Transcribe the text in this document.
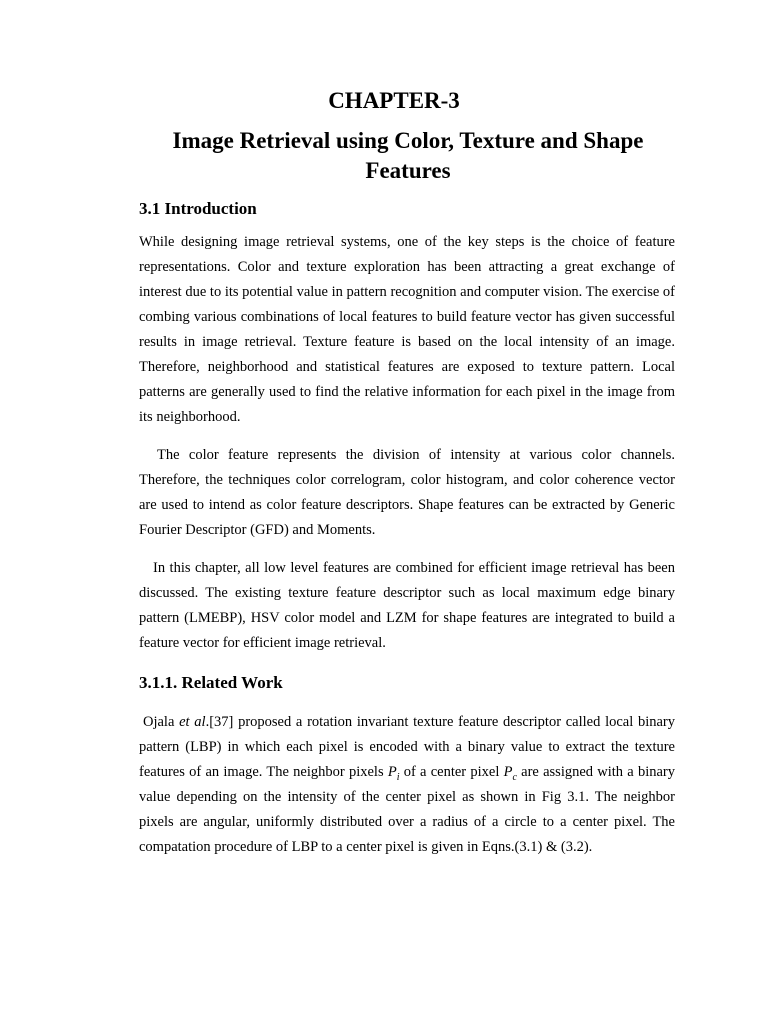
CHAPTER-3
Image Retrieval using Color, Texture and Shape Features
3.1 Introduction

While designing image retrieval systems, one of the key steps is the choice of feature representations. Color and texture exploration has been attracting a great exchange of interest due to its potential value in pattern recognition and computer vision. The exercise of combing various combinations of local features to build feature vector has given successful results in image retrieval. Texture feature is based on the local intensity of an image. Therefore, neighborhood and statistical features are exposed to texture pattern. Local patterns are generally used to find the relative information for each pixel in the image from its neighborhood.

The color feature represents the division of intensity at various color channels. Therefore, the techniques color correlogram, color histogram, and color coherence vector are used to intend as color feature descriptors. Shape features can be extracted by Generic Fourier Descriptor (GFD) and Moments.

In this chapter, all low level features are combined for efficient image retrieval has been discussed. The existing texture feature descriptor such as local maximum edge binary pattern (LMEBP), HSV color model and LZM for shape features are integrated to build a feature vector for efficient image retrieval.

3.1.1. Related Work

Ojala et al.[37] proposed a rotation invariant texture feature descriptor called local binary pattern (LBP) in which each pixel is encoded with a binary value to extract the texture features of an image. The neighbor pixels $P_i$ of a center pixel $P_c$ are assigned with a binary value depending on the intensity of the center pixel as shown in Fig 3.1. The neighbor pixels are angular, uniformly distributed over a radius of a circle to a center pixel. The compatation procedure of LBP to a center pixel is given in Eqns.(3.1) & (3.2).
